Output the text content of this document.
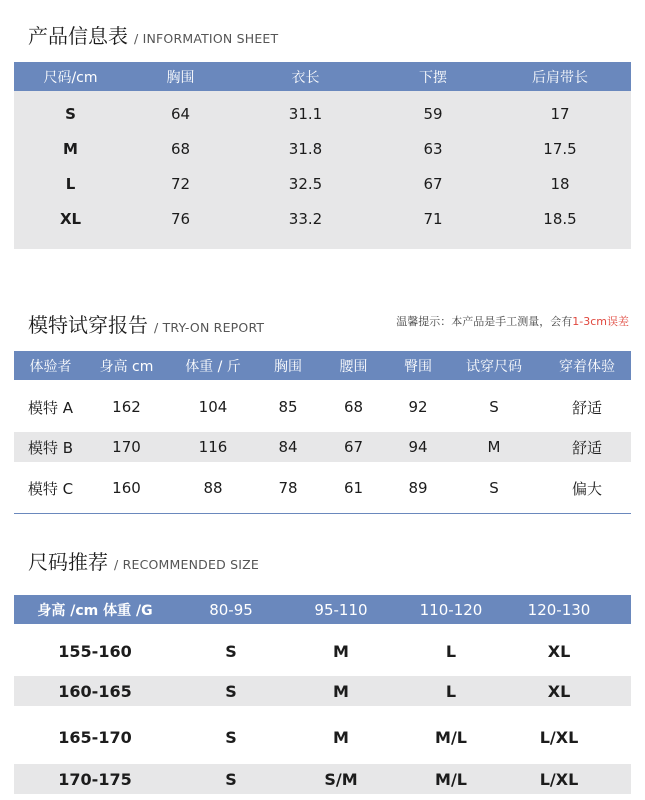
产品信息表 / INFORMATION SHEET
尺码/cm	胸围	衣长	下摆	后肩带长
S	64	31.1	59	17
M	68	31.8	63	17.5
L	72	32.5	67	18
XL	76	33.2	71	18.5
模特试穿报告 / TRY-ON REPORT	温馨提示：本产品是手工测量，会有1-3cm误差
体验者	身高 cm	体重 / 斤	胸围	腰围	臀围	试穿尺码	穿着体验
模特 A	162	104	85	68	92	S	舒适
模特 B	170	116	84	67	94	M	舒适
模特 C	160	88	78	61	89	S	偏大
尺码推荐 / RECOMMENDED SIZE
身高 /cm 体重 /G	80-95	95-110	110-120	120-130
155-160	S	M	L	XL
160-165	S	M	L	XL
165-170	S	M	M/L	L/XL
170-175	S	S/M	M/L	L/XL
